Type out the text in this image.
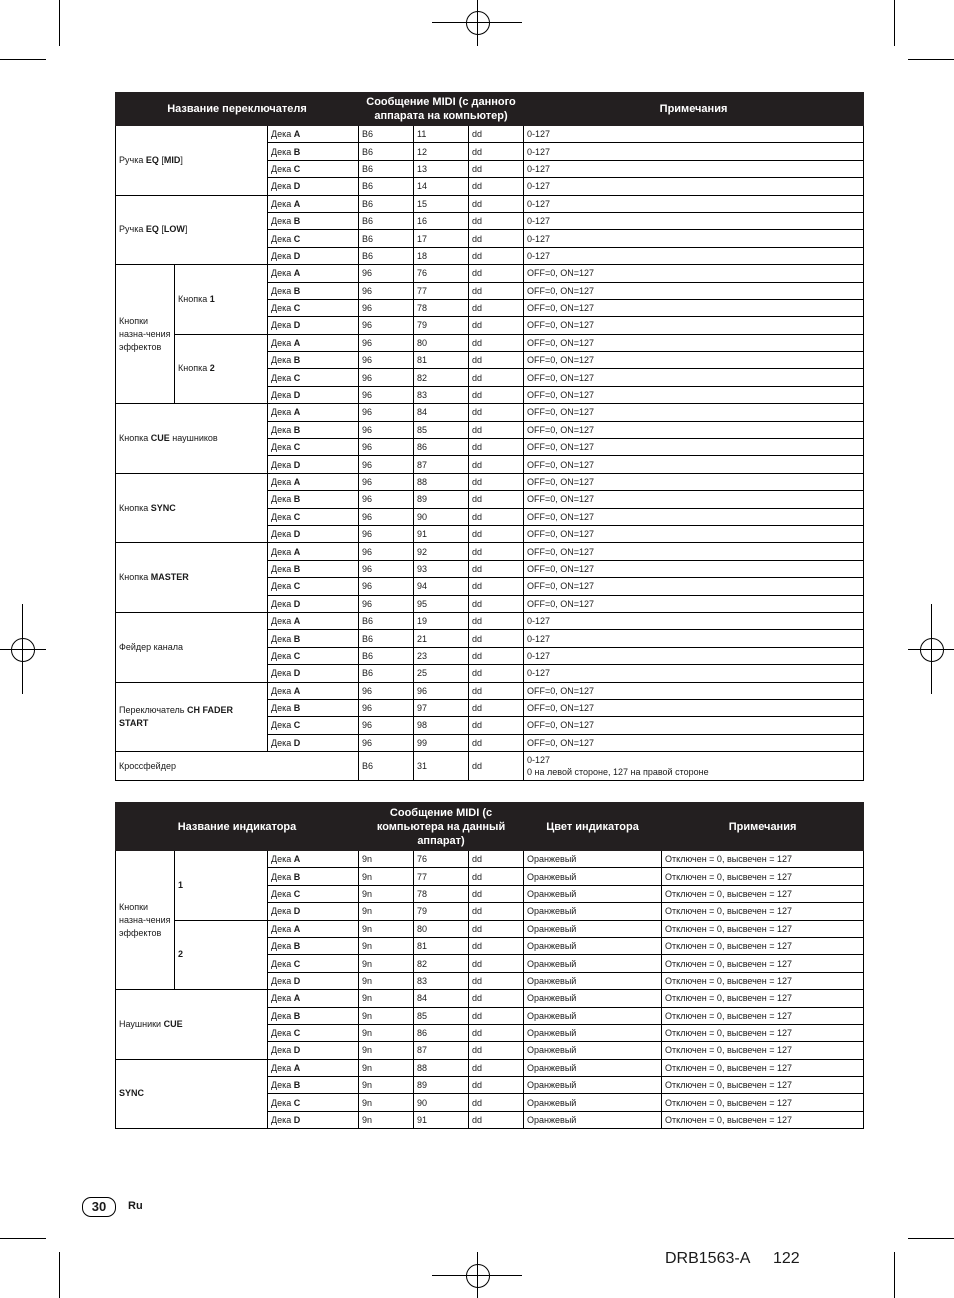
Название переключателя			Сообщение MIDI (с данного аппарата на компьютер)			Примечания
Ручка EQ [MID]		Дека A	B6	11	dd	0-127
		Дека B	B6	12	dd	0-127
		Дека C	B6	13	dd	0-127
		Дека D	B6	14	dd	0-127
Ручка EQ [LOW]		Дека A	B6	15	dd	0-127
		Дека B	B6	16	dd	0-127
		Дека C	B6	17	dd	0-127
		Дека D	B6	18	dd	0-127
Кнопки назна-чения эффектов	Кнопка 1	Дека A	96	76	dd	OFF=0, ON=127
		Дека B	96	77	dd	OFF=0, ON=127
		Дека C	96	78	dd	OFF=0, ON=127
		Дека D	96	79	dd	OFF=0, ON=127
	Кнопка 2	Дека A	96	80	dd	OFF=0, ON=127
		Дека B	96	81	dd	OFF=0, ON=127
		Дека C	96	82	dd	OFF=0, ON=127
		Дека D	96	83	dd	OFF=0, ON=127
Кнопка CUE наушников		Дека A	96	84	dd	OFF=0, ON=127
		Дека B	96	85	dd	OFF=0, ON=127
		Дека C	96	86	dd	OFF=0, ON=127
		Дека D	96	87	dd	OFF=0, ON=127
Кнопка SYNC		Дека A	96	88	dd	OFF=0, ON=127
		Дека B	96	89	dd	OFF=0, ON=127
		Дека C	96	90	dd	OFF=0, ON=127
		Дека D	96	91	dd	OFF=0, ON=127
Кнопка MASTER		Дека A	96	92	dd	OFF=0, ON=127
		Дека B	96	93	dd	OFF=0, ON=127
		Дека C	96	94	dd	OFF=0, ON=127
		Дека D	96	95	dd	OFF=0, ON=127
Фейдер канала		Дека A	B6	19	dd	0-127
		Дека B	B6	21	dd	0-127
		Дека C	B6	23	dd	0-127
		Дека D	B6	25	dd	0-127
Переключатель CH FADER START		Дека A	96	96	dd	OFF=0, ON=127
		Дека B	96	97	dd	OFF=0, ON=127
		Дека C	96	98	dd	OFF=0, ON=127
		Дека D	96	99	dd	OFF=0, ON=127
Кроссфейдер			B6	31	dd	0-127
0 на левой стороне, 127 на правой стороне
Название индикатора			Сообщение MIDI (с компьютера на данный аппарат)			Цвет индикатора	Примечания
Кнопки назна-чения эффектов	1	Дека A	9n	76	dd	Оранжевый	Отключен = 0, высвечен = 127
		Дека B	9n	77	dd	Оранжевый	Отключен = 0, высвечен = 127
		Дека C	9n	78	dd	Оранжевый	Отключен = 0, высвечен = 127
		Дека D	9n	79	dd	Оранжевый	Отключен = 0, высвечен = 127
	2	Дека A	9n	80	dd	Оранжевый	Отключен = 0, высвечен = 127
		Дека B	9n	81	dd	Оранжевый	Отключен = 0, высвечен = 127
		Дека C	9n	82	dd	Оранжевый	Отключен = 0, высвечен = 127
		Дека D	9n	83	dd	Оранжевый	Отключен = 0, высвечен = 127
Наушники CUE		Дека A	9n	84	dd	Оранжевый	Отключен = 0, высвечен = 127
		Дека B	9n	85	dd	Оранжевый	Отключен = 0, высвечен = 127
		Дека C	9n	86	dd	Оранжевый	Отключен = 0, высвечен = 127
		Дека D	9n	87	dd	Оранжевый	Отключен = 0, высвечен = 127
SYNC		Дека A	9n	88	dd	Оранжевый	Отключен = 0, высвечен = 127
		Дека B	9n	89	dd	Оранжевый	Отключен = 0, высвечен = 127
		Дека C	9n	90	dd	Оранжевый	Отключен = 0, высвечен = 127
		Дека D	9n	91	dd	Оранжевый	Отключен = 0, высвечен = 127
30	Ru
DRB1563-A 122
